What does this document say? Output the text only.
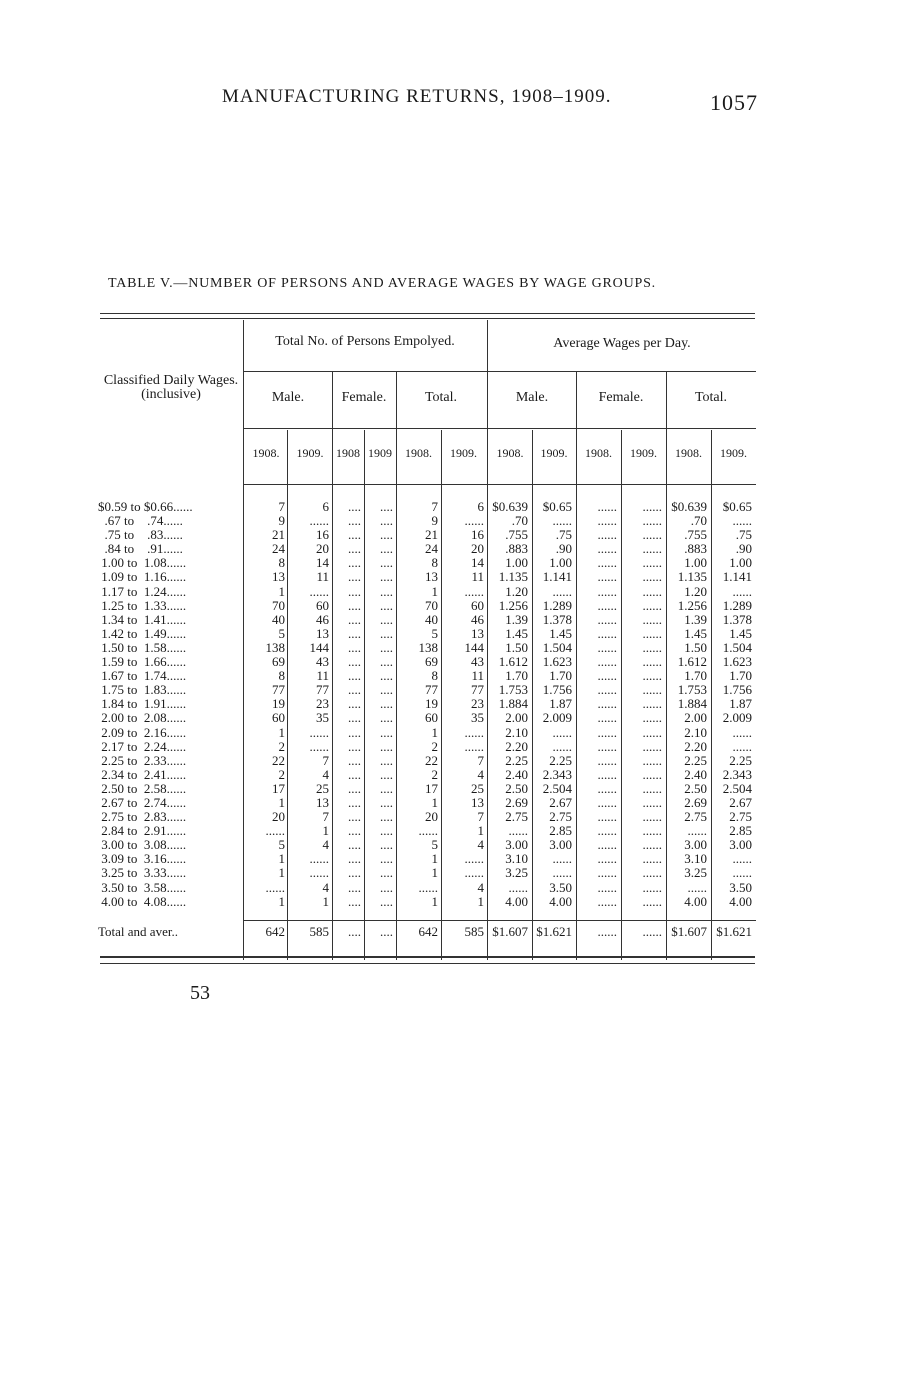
MANUFACTURING RETURNS, 1908–1909.	1057
TABLE V.—NUMBER OF PERSONS AND AVERAGE WAGES BY WAGE GROUPS.
Classified Daily Wages. (inclusive)
Total No. of Persons Empolyed.	Average Wages per Day.
Male.	Female.	Total.	Male.	Female.	Total.
1908.	1909.	1908 1909	1908.	1909.	1908.	1909.	1908.	1909.	1908.	1909.
$0.59 to $0.66......	7	6	....	....	7	6	$0.639	$0.65	......	......	$0.639	$0.65
.67 to    .74......	9	......	....	....	9	......	.70	......	......	......	.70	......
.75 to    .83......	21	16	....	....	21	16	.755	.75	......	......	.755	.75
.84 to    .91......	24	20	....	....	24	20	.883	.90	......	......	.883	.90
1.00 to  1.08......	8	14	....	....	8	14	1.00	1.00	......	......	1.00	1.00
1.09 to  1.16......	13	11	....	....	13	11	1.135	1.141	......	......	1.135	1.141
1.17 to  1.24......	1	......	....	....	1	......	1.20	......	......	......	1.20	......
1.25 to  1.33......	70	60	....	....	70	60	1.256	1.289	......	......	1.256	1.289
1.34 to  1.41......	40	46	....	....	40	46	1.39	1.378	......	......	1.39	1.378
1.42 to  1.49......	5	13	....	....	5	13	1.45	1.45	......	......	1.45	1.45
1.50 to  1.58......	138	144	....	....	138	144	1.50	1.504	......	......	1.50	1.504
1.59 to  1.66......	69	43	....	....	69	43	1.612	1.623	......	......	1.612	1.623
1.67 to  1.74......	8	11	....	....	8	11	1.70	1.70	......	......	1.70	1.70
1.75 to  1.83......	77	77	....	....	77	77	1.753	1.756	......	......	1.753	1.756
1.84 to  1.91......	19	23	....	....	19	23	1.884	1.87	......	......	1.884	1.87
2.00 to  2.08......	60	35	....	....	60	35	2.00	2.009	......	......	2.00	2.009
2.09 to  2.16......	1	......	....	....	1	......	2.10	......	......	......	2.10	......
2.17 to  2.24......	2	......	....	....	2	......	2.20	......	......	......	2.20	......
2.25 to  2.33......	22	7	....	....	22	7	2.25	2.25	......	......	2.25	2.25
2.34 to  2.41......	2	4	....	....	2	4	2.40	2.343	......	......	2.40	2.343
2.50 to  2.58......	17	25	....	....	17	25	2.50	2.504	......	......	2.50	2.504
2.67 to  2.74......	1	13	....	....	1	13	2.69	2.67	......	......	2.69	2.67
2.75 to  2.83......	20	7	....	....	20	7	2.75	2.75	......	......	2.75	2.75
2.84 to  2.91......	......	1	....	....	......	1	......	2.85	......	......	......	2.85
3.00 to  3.08......	5	4	....	....	5	4	3.00	3.00	......	......	3.00	3.00
3.09 to  3.16......	1	......	....	....	1	......	3.10	......	......	......	3.10	......
3.25 to  3.33......	1	......	....	....	1	......	3.25	......	......	......	3.25	......
3.50 to  3.58......	......	4	....	....	......	4	......	3.50	......	......	......	3.50
4.00 to  4.08......	1	1	....	....	1	1	4.00	4.00	......	......	4.00	4.00
Total and aver..	642	585	....	....	642	585	$1.607	$1.621	......	......	$1.607	$1.621
53
